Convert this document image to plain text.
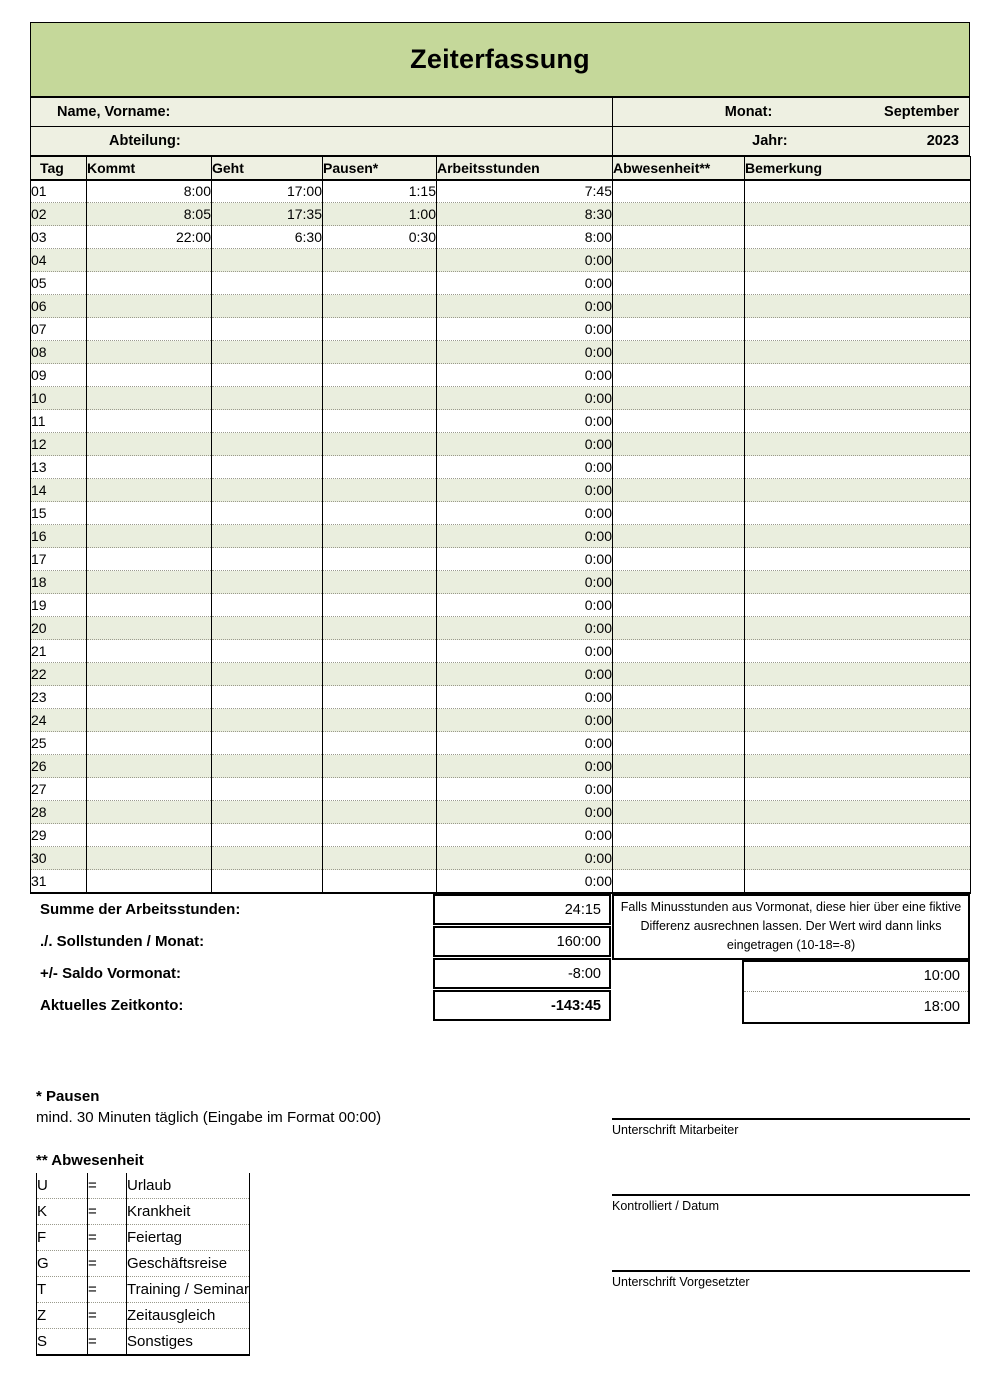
Zeiterfassung
Name, Vorname:	Monat:	September
Abteilung:	Jahr:	2023
Tag	Kommt	Geht	Pausen*	Arbeitsstunden	Abwesenheit**	Bemerkung
01	8:00	17:00	1:15	7:45		
02	8:05	17:35	1:00	8:30		
03	22:00	6:30	0:30	8:00		
04				0:00		
05				0:00		
06				0:00		
07				0:00		
08				0:00		
09				0:00		
10				0:00		
11				0:00		
12				0:00		
13				0:00		
14				0:00		
15				0:00		
16				0:00		
17				0:00		
18				0:00		
19				0:00		
20				0:00		
21				0:00		
22				0:00		
23				0:00		
24				0:00		
25				0:00		
26				0:00		
27				0:00		
28				0:00		
29				0:00		
30				0:00		
31				0:00		
Summe der Arbeitsstunden:	24:15
./. Sollstunden / Monat:	160:00
+/- Saldo Vormonat:	-8:00
Aktuelles Zeitkonto:	-143:45
Falls Minusstunden aus Vormonat, diese hier über eine fiktive Differenz ausrechnen lassen. Der Wert wird dann links eingetragen (10-18=-8)
10:00
18:00
* Pausen

mind. 30 Minuten täglich (Eingabe im Format 00:00)

** Abwesenheit
U	=	Urlaub
K	=	Krankheit
F	=	Feiertag
G	=	Geschäftsreise
T	=	Training / Seminar
Z	=	Zeitausgleich
S	=	Sonstiges
Unterschrift Mitarbeiter
Kontrolliert / Datum
Unterschrift Vorgesetzter
